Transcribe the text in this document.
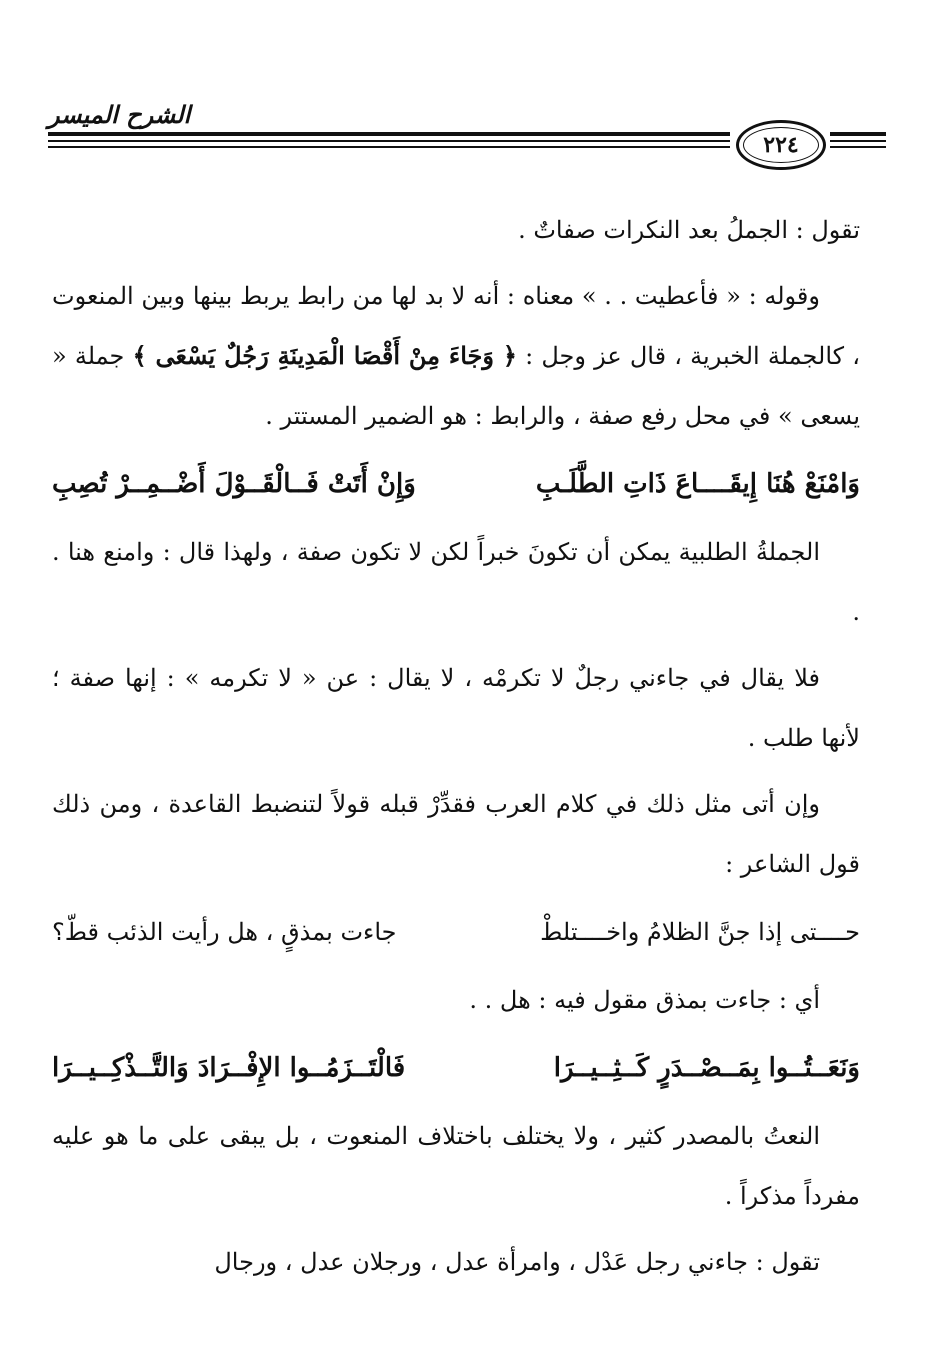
الشرح الميسر
٢٢٤

تقول : الجملُ بعد النكرات صفاتٌ .

وقوله : « فأعطيت . . » معناه : أنه لا بد لها من رابط يربط بينها وبين المنعوت ، كالجملة الخبرية ، قال عز وجل : ﴿ وَجَاءَ مِنْ أَقْصَا الْمَدِينَةِ رَجُلٌ يَسْعَى ﴾ جملة « يسعى » في محل رفع صفة ، والرابط : هو الضمير المستتر .

وَامْنَعْ هُنَا إِيقَــــاعَ ذَاتِ الطَّلَـبِ
وَإِنْ أَتَتْ فَــالْقَــوْلَ أَضْــمِــرْ تُصِبِ

الجملةُ الطلبية يمكن أن تكونَ خبراً لكن لا تكون صفة ، ولهذا قال : وامنع هنا . .

فلا يقال في جاءني رجلٌ لا تكرمْه ، لا يقال : عن « لا تكرمه » : إنها صفة ؛ لأنها طلب .

وإن أتى مثل ذلك في كلام العرب فقدِّرْ قبله قولاً لتنضبط القاعدة ، ومن ذلك قول الشاعر :

حــــتى إذا جنَّ الظلامُ واخــــتلطْ
جاءت بمذقٍ ، هل رأيت الذئب قطّ؟

أي : جاءت بمذق مقول فيه : هل . .

وَنَعَــتُــوا بِمَــصْــدَرٍ كَــثِــيــرَا
فَالْتَــزَمُــوا الإِفْــرَادَ وَالتَّــذْكِــيــرَا

النعتُ بالمصدر كثير ، ولا يختلف باختلاف المنعوت ، بل يبقى على ما هو عليه مفرداً مذكراً .

تقول : جاءني رجل عَدْل ، وامرأة عدل ، ورجلان عدل ، ورجال
